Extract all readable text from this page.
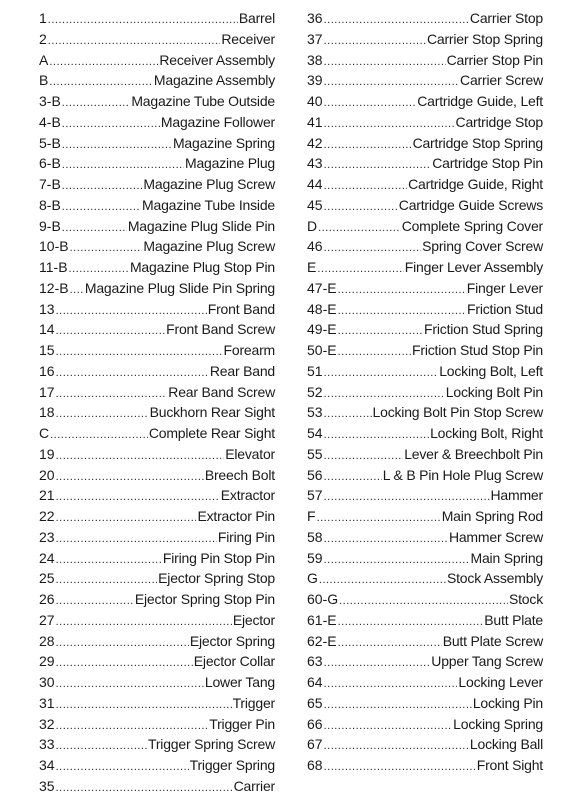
1 .....	Barrel
2 .....	Receiver
A .....	Receiver Assembly
B .....	Magazine Assembly
3-B .....	Magazine Tube Outside
4-B .....	Magazine Follower
5-B .....	Magazine Spring
6-B .....	Magazine Plug
7-B .....	Magazine Plug Screw
8-B .....	Magazine Tube Inside
9-B .....	Magazine Plug Slide Pin
10-B .....	Magazine Plug Screw
11-B .....	Magazine Plug Stop Pin
12-B ..... Magazine Plug Slide Pin Spring
13 .....	Front Band
14 .....	Front Band Screw
15 .....	Forearm
16 .....	Rear Band
17 .....	Rear Band Screw
18 .....	Buckhorn Rear Sight
C .....	Complete Rear Sight
19 .....	Elevator
20 .....	Breech Bolt
21 .....	Extractor
22 .....	Extractor Pin
23 .....	Firing Pin
24 .....	Firing Pin Stop Pin
25 .....	Ejector Spring Stop
26 .....	Ejector Spring Stop Pin
27 .....	Ejector
28 .....	Ejector Spring
29 .....	Ejector Collar
30 .....	Lower Tang
31 .....	Trigger
32 .....	Trigger Pin
33 .....	Trigger Spring Screw
34 .....	Trigger Spring
35 .....	Carrier
36 .....	Carrier Stop
37 .....	Carrier Stop Spring
38 .....	Carrier Stop Pin
39 .....	Carrier Screw
40 .....	Cartridge Guide, Left
41 .....	Cartridge Stop
42 .....	Cartridge Stop Spring
43 .....	Cartridge Stop Pin
44 .....	Cartridge Guide, Right
45 .....	Cartridge Guide Screws
D .....	Complete Spring Cover
46 .....	Spring Cover Screw
E .....	Finger Lever Assembly
47-E .....	Finger Lever
48-E .....	Friction Stud
49-E .....	Friction Stud Spring
50-E .....	Friction Stud Stop Pin
51 .....	Locking Bolt, Left
52 .....	Locking Bolt Pin
53 .....	Locking Bolt Pin Stop Screw
54 .....	Locking Bolt, Right
55 .....	Lever & Breechbolt Pin
56 .....	L & B Pin Hole Plug Screw
57 .....	Hammer
F .....	Main Spring Rod
58 .....	Hammer Screw
59 .....	Main Spring
G .....	Stock Assembly
60-G .....	Stock
61-E .....	Butt Plate
62-E .....	Butt Plate Screw
63 .....	Upper Tang Screw
64 .....	Locking Lever
65 .....	Locking Pin
66 .....	Locking Spring
67 .....	Locking Ball
68 .....	Front Sight
